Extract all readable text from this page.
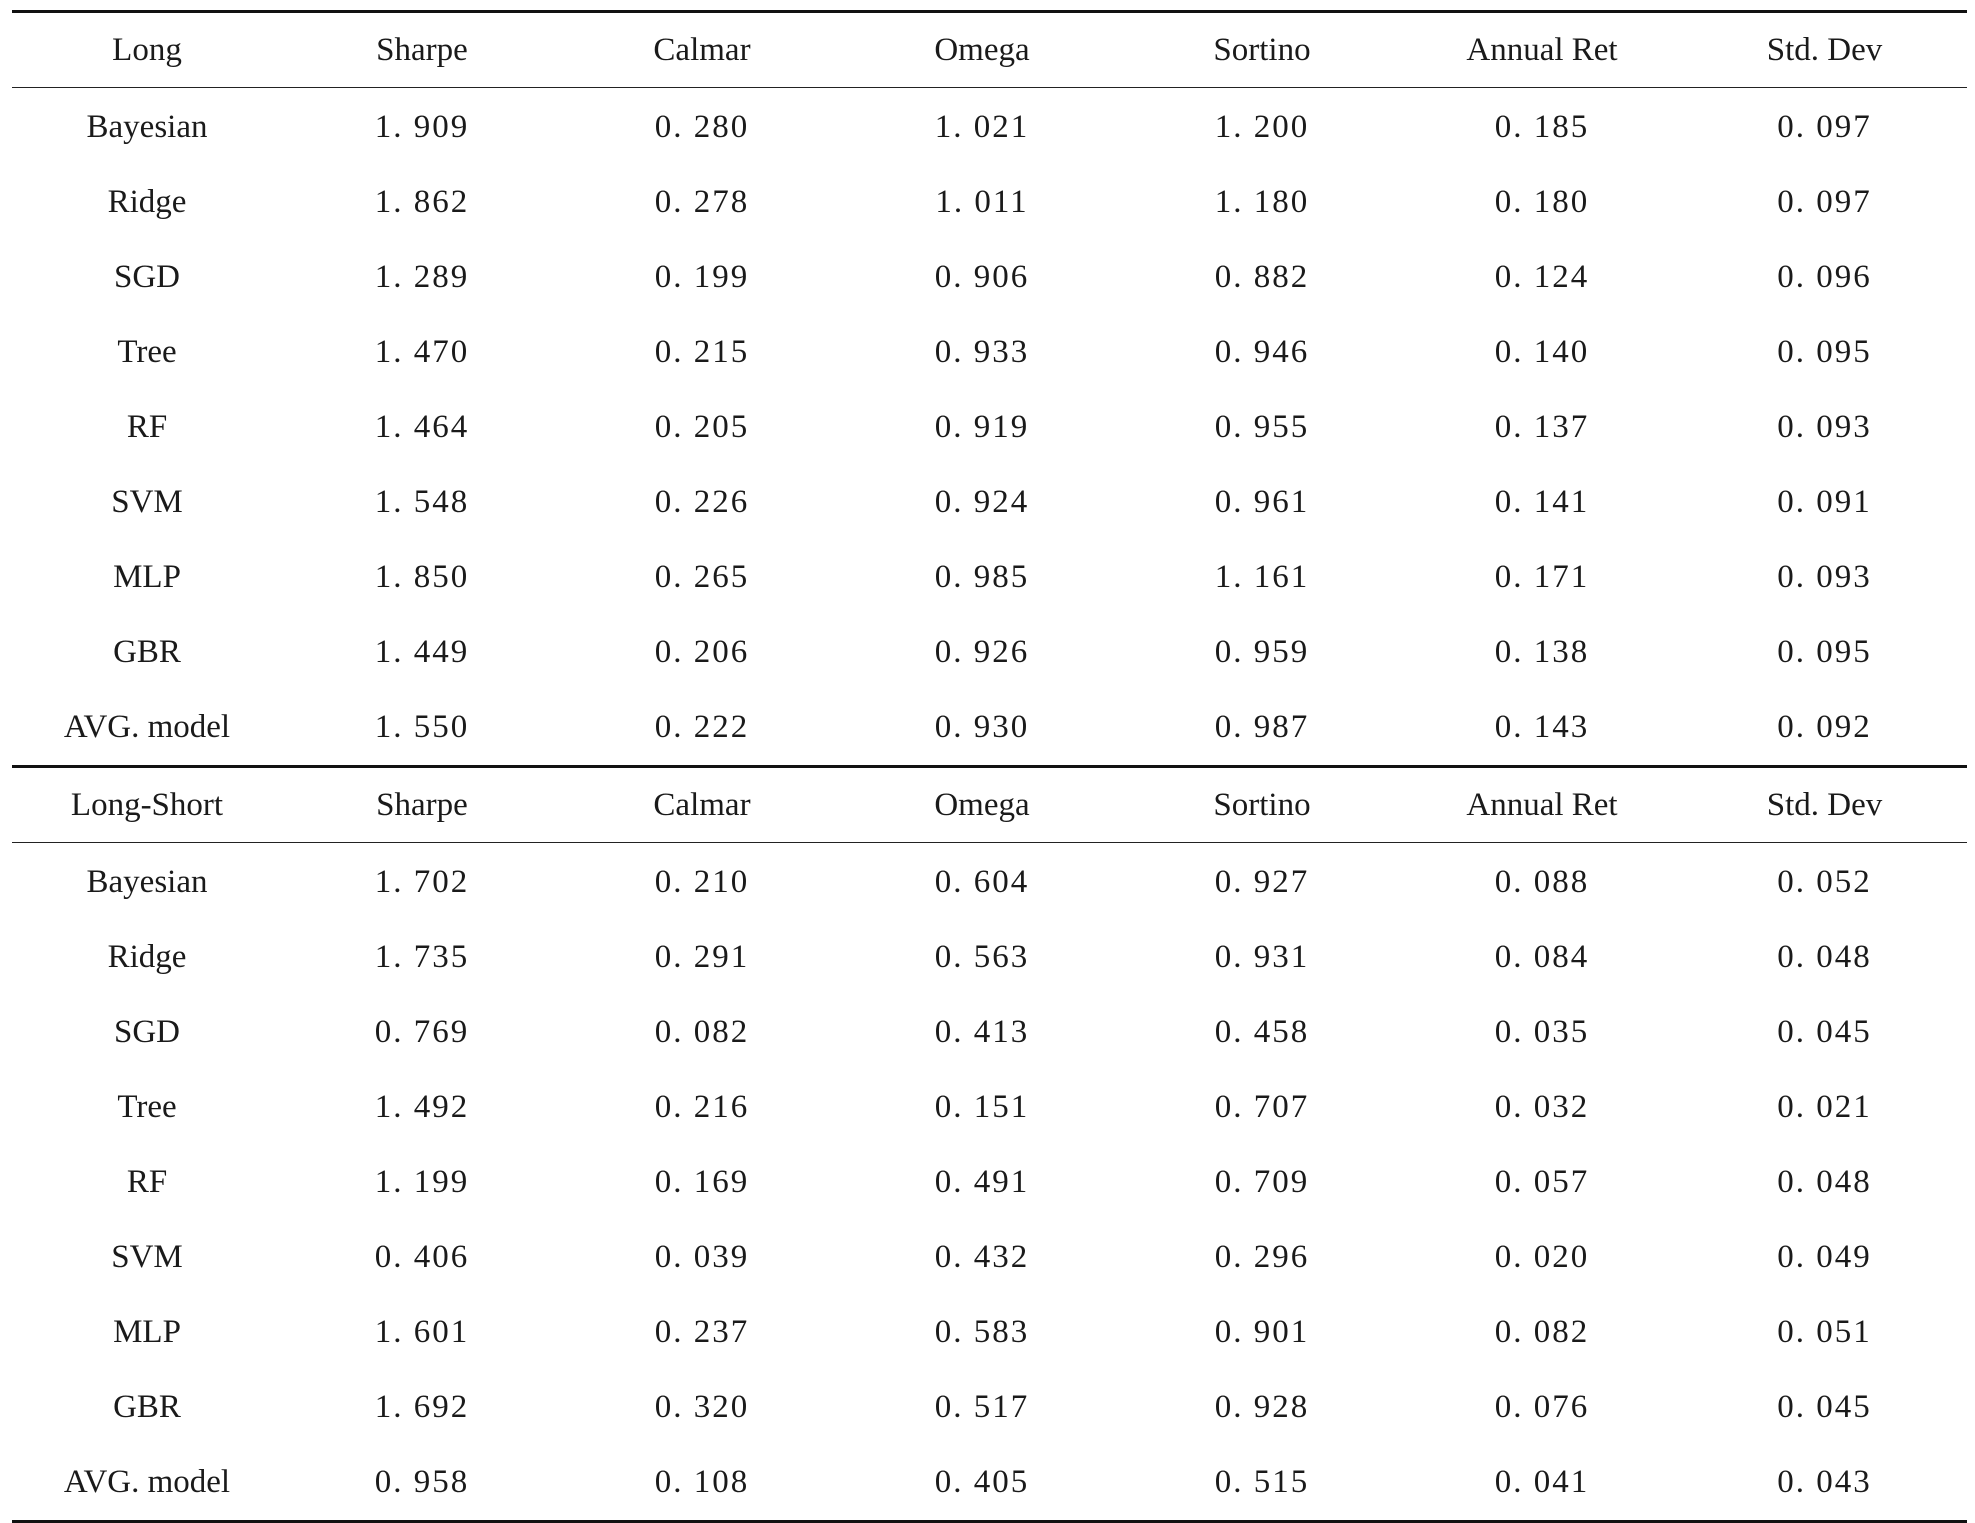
Long	Sharpe	Calmar	Omega	Sortino	Annual Ret	Std. Dev
Bayesian	1. 909	0. 280	1. 021	1. 200	0. 185	0. 097
Ridge	1. 862	0. 278	1. 011	1. 180	0. 180	0. 097
SGD	1. 289	0. 199	0. 906	0. 882	0. 124	0. 096
Tree	1. 470	0. 215	0. 933	0. 946	0. 140	0. 095
RF	1. 464	0. 205	0. 919	0. 955	0. 137	0. 093
SVM	1. 548	0. 226	0. 924	0. 961	0. 141	0. 091
MLP	1. 850	0. 265	0. 985	1. 161	0. 171	0. 093
GBR	1. 449	0. 206	0. 926	0. 959	0. 138	0. 095
AVG. model	1. 550	0. 222	0. 930	0. 987	0. 143	0. 092
Long-Short	Sharpe	Calmar	Omega	Sortino	Annual Ret	Std. Dev
Bayesian	1. 702	0. 210	0. 604	0. 927	0. 088	0. 052
Ridge	1. 735	0. 291	0. 563	0. 931	0. 084	0. 048
SGD	0. 769	0. 082	0. 413	0. 458	0. 035	0. 045
Tree	1. 492	0. 216	0. 151	0. 707	0. 032	0. 021
RF	1. 199	0. 169	0. 491	0. 709	0. 057	0. 048
SVM	0. 406	0. 039	0. 432	0. 296	0. 020	0. 049
MLP	1. 601	0. 237	0. 583	0. 901	0. 082	0. 051
GBR	1. 692	0. 320	0. 517	0. 928	0. 076	0. 045
AVG. model	0. 958	0. 108	0. 405	0. 515	0. 041	0. 043
